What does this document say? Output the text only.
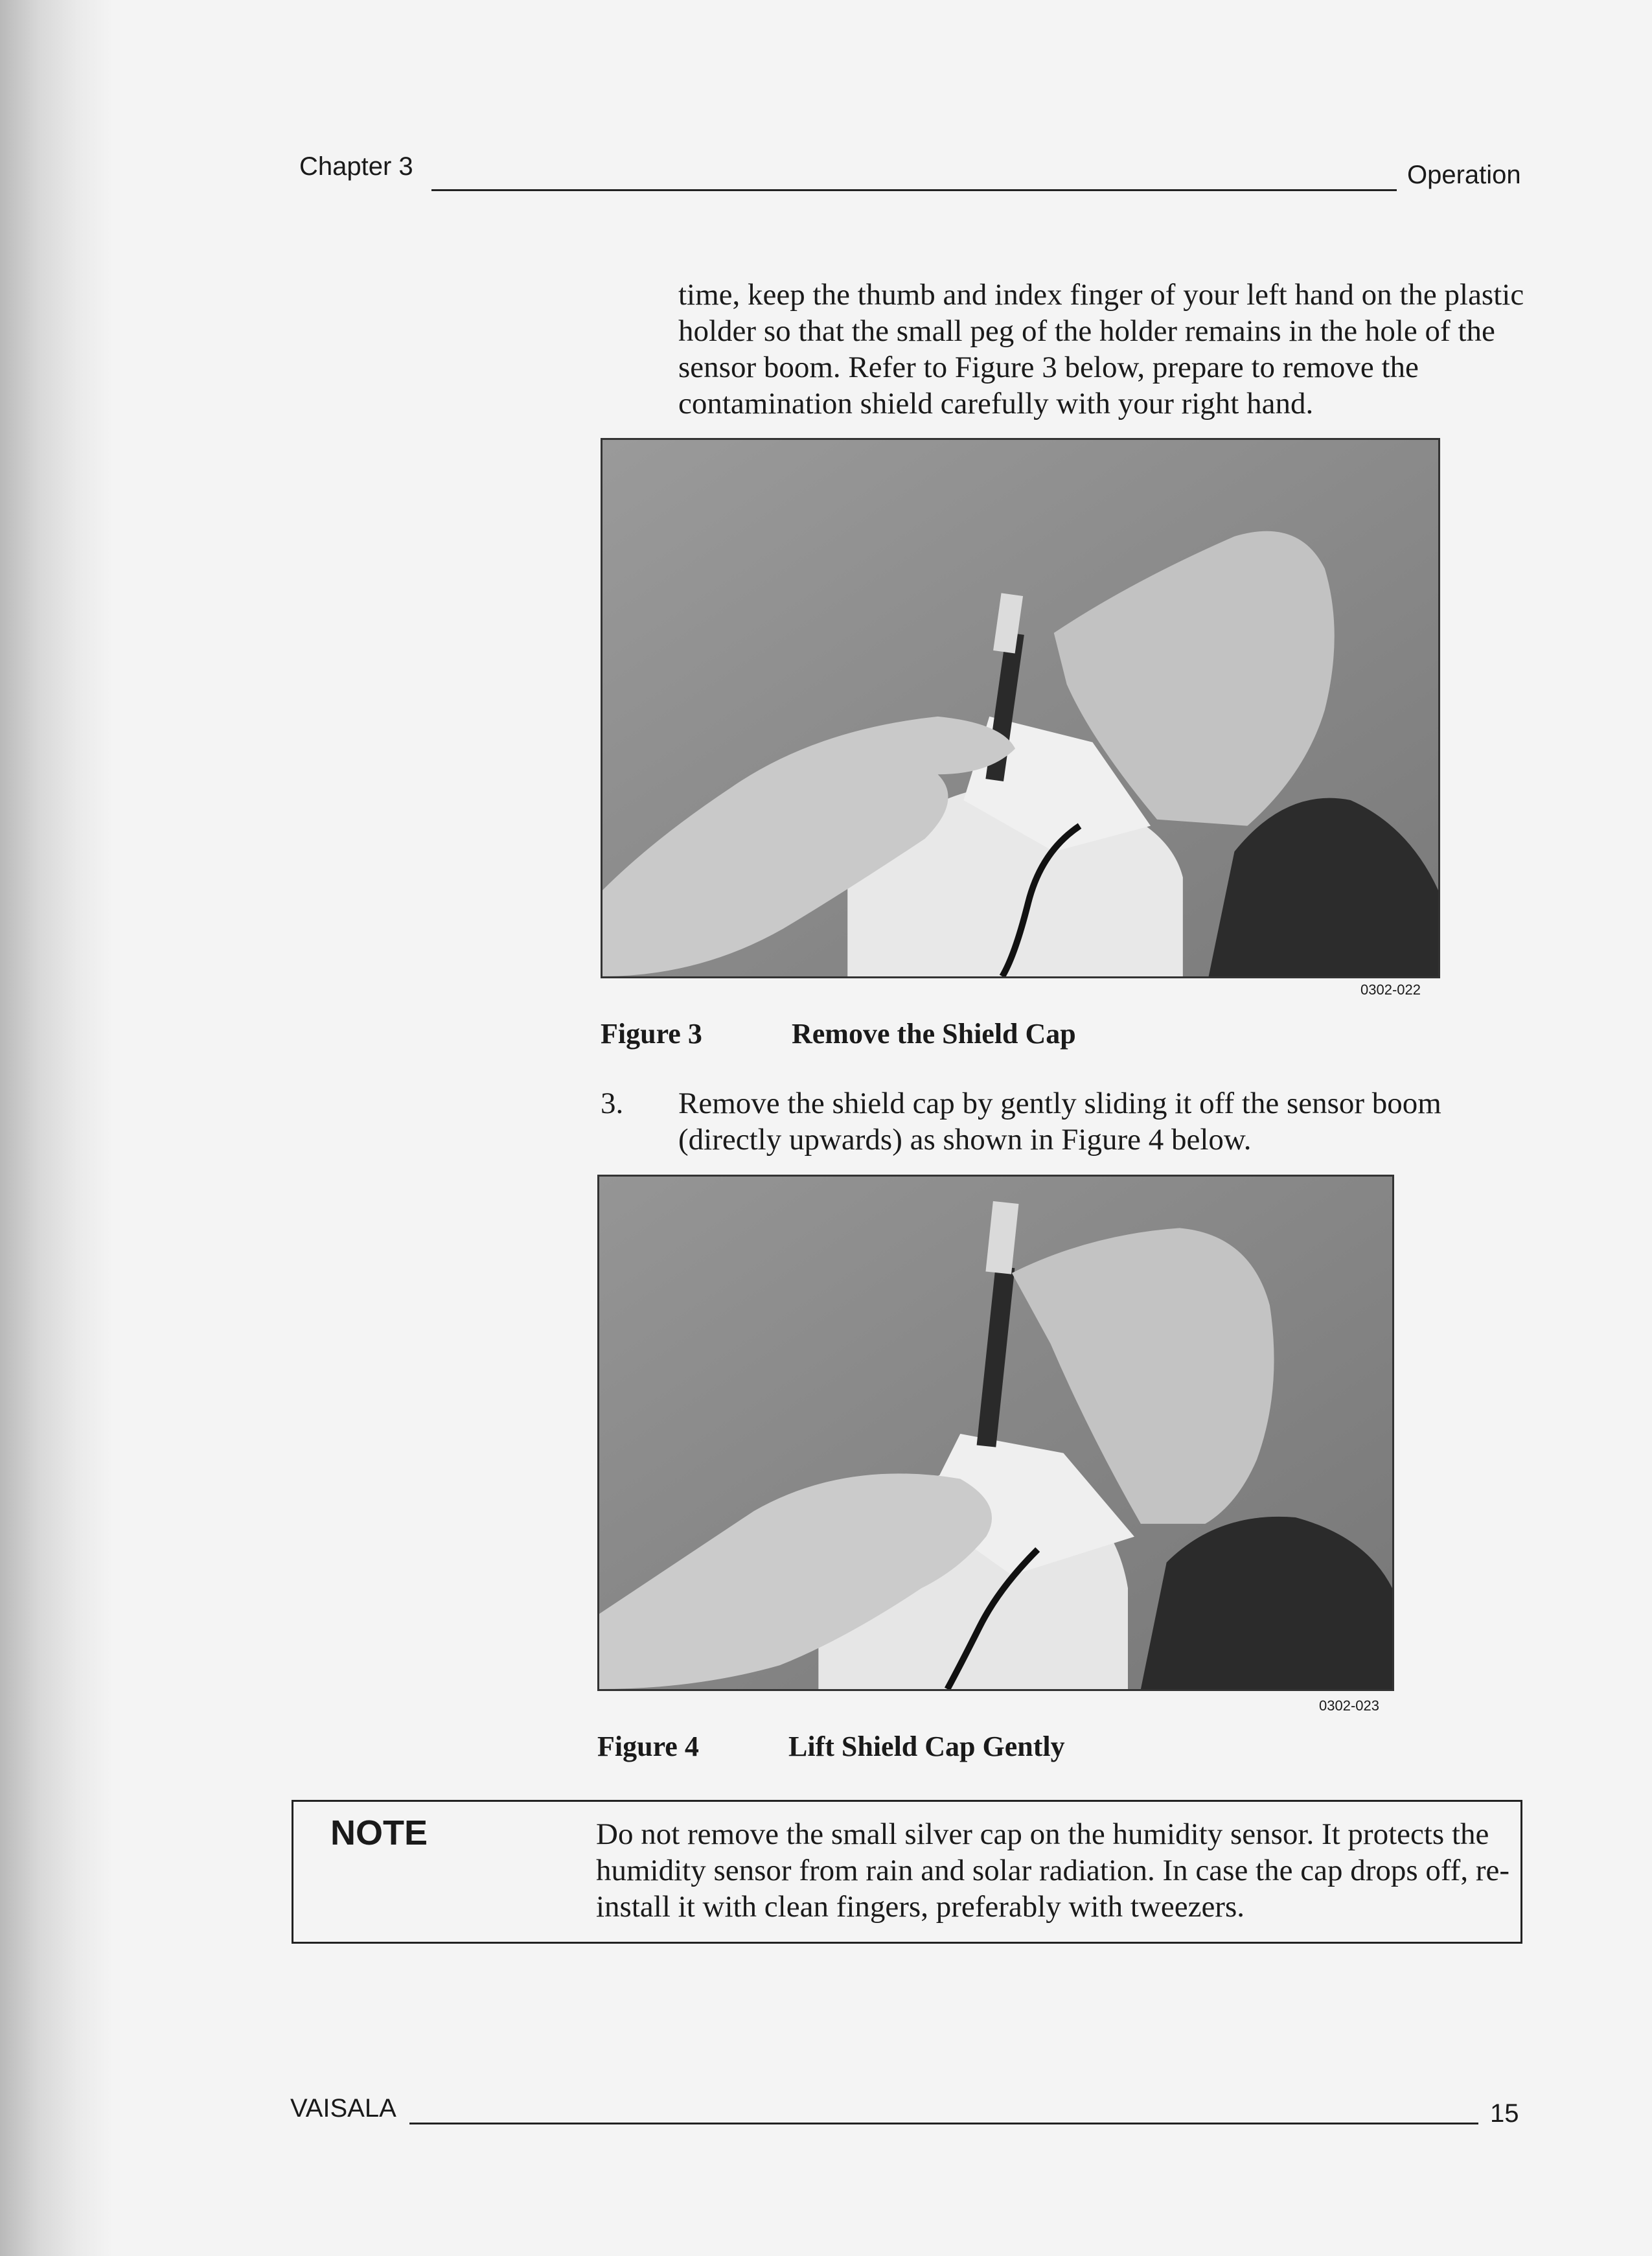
Chapter 3	Operation

time, keep the thumb and index finger of your left hand on the plastic holder so that the small peg of the holder remains in the hole of the sensor boom. Refer to Figure 3 below, prepare to remove the contamination shield carefully with your right hand.

0302-022
Figure 3	Remove the Shield Cap
3. Remove the shield cap by gently sliding it off the sensor boom (directly upwards) as shown in Figure 4 below.
0302-023
Figure 4	Lift Shield Cap Gently
NOTE	Do not remove the small silver cap on the humidity sensor. It protects the humidity sensor from rain and solar radiation. In case the cap drops off, re-install it with clean fingers, preferably with tweezers.
VAISALA	15
